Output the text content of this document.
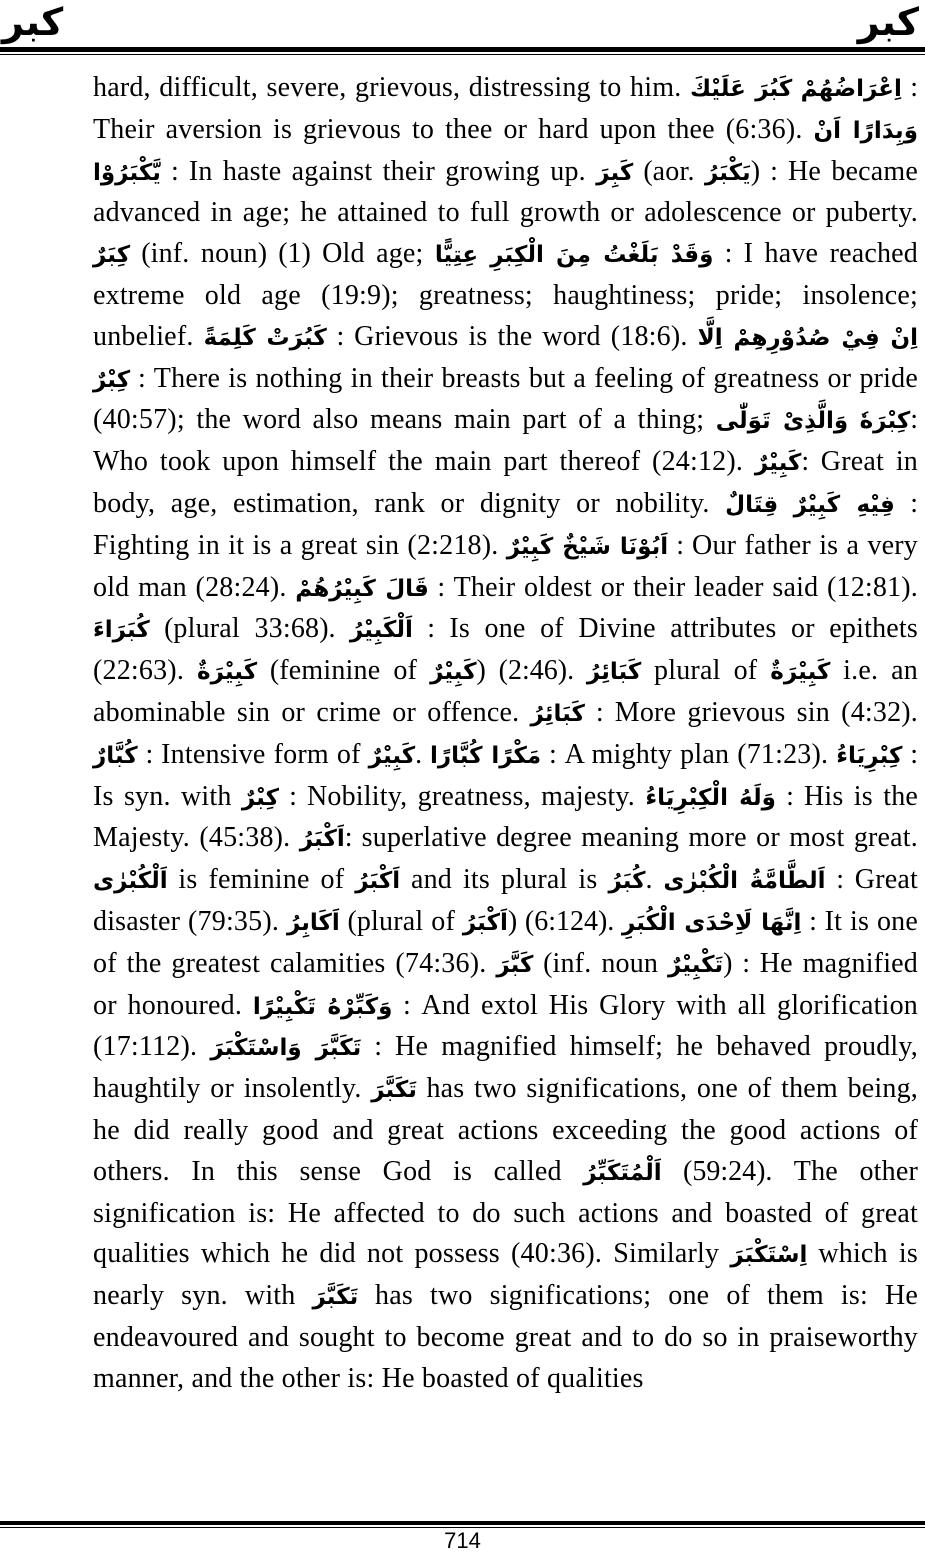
كبر	كبر

hard, difficult, severe, grievous, distressing to him. كَبُرَ عَلَيْكَ اِعْرَاضُهُمْ : Their aversion is grievous to thee or hard upon thee (6:36). وَبِدَارًا اَنْ يَّكْبَرُوْا : In haste against their growing up. كَبِرَ (aor. يَكْبَرُ) : He became advanced in age; he attained to full growth or adolescence or puberty. كِبَرٌ (inf. noun) (1) Old age; وَقَدْ بَلَغْتُ مِنَ الْكِبَرِ عِتِيًّا : I have reached extreme old age (19:9); greatness; haughtiness; pride; insolence; unbelief. كَبُرَتْ كَلِمَةً : Grievous is the word (18:6). اِنْ فِيْ صُدُوْرِهِمْ اِلَّا كِبْرٌ : There is nothing in their breasts but a feeling of greatness or pride (40:57); the word also means main part of a thing; وَالَّذِىْ تَوَلّٰى كِبْرَهٗ: Who took upon himself the main part thereof (24:12). كَبِيْرٌ: Great in body, age, estimation, rank or dignity or nobility. قِتَالٌ فِيْهِ كَبِيْرٌ : Fighting in it is a great sin (2:218). اَبُوْنَا شَيْخٌ كَبِيْرٌ : Our father is a very old man (28:24). قَالَ كَبِيْرُهُمْ : Their oldest or their leader said (12:81). كُبَرَاءَ (plural 33:68). اَلْكَبِيْرُ : Is one of Divine attributes or epithets (22:63). كَبِيْرَةٌ (feminine of كَبِيْرٌ) (2:46). كَبَائِرُ plural of كَبِيْرَةٌ i.e. an abominable sin or crime or offence. كَبَائِرُ : More grievous sin (4:32). كُبَّارٌ : Intensive form of كَبِيْرٌ. مَكْرًا كُبَّارًا : A mighty plan (71:23). كِبْرِيَاءُ : Is syn. with كِبْرٌ : Nobility, greatness, majesty. وَلَهُ الْكِبْرِيَاءُ : His is the Majesty. (45:38). اَكْبَرُ: superlative degree meaning more or most great. اَلْكُبْرٰى is feminine of اَكْبَرُ and its plural is كُبَرُ. اَلطَّامَّةُ الْكُبْرٰى : Great disaster (79:35). اَكَابِرُ (plural of اَكْبَرُ) (6:124). اِنَّهَا لَاِحْدَى الْكُبَرِ : It is one of the greatest calamities (74:36). كَبَّرَ (inf. noun تَكْبِيْرٌ) : He magnified or honoured. وَكَبِّرْهُ تَكْبِيْرًا : And extol His Glory with all glorification (17:112). تَكَبَّرَ وَاسْتَكْبَرَ : He magnified himself; he behaved proudly, haughtily or insolently. تَكَبَّرَ has two significations, one of them being, he did really good and great actions exceeding the good actions of others. In this sense God is called اَلْمُتَكَبِّرُ (59:24). The other signification is: He affected to do such actions and boasted of great qualities which he did not possess (40:36). Similarly اِسْتَكْبَرَ which is nearly syn. with تَكَبَّرَ has two significations; one of them is: He endeavoured and sought to become great and to do so in praiseworthy manner, and the other is: He boasted of qualities

714
